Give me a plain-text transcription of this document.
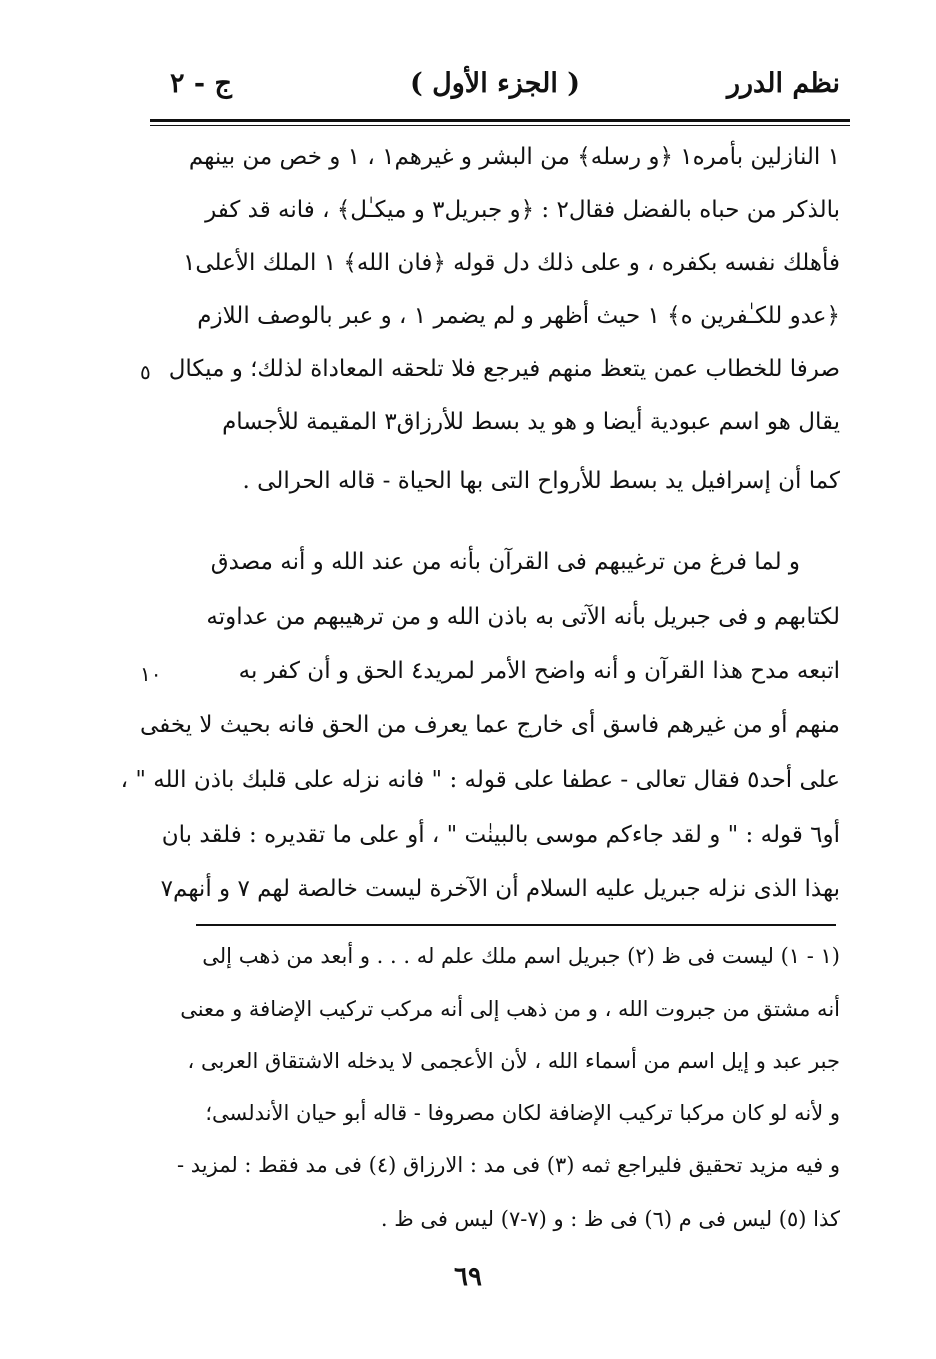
نظم الدرر
( الجزء الأول )
ج - ٢
١ النازلين بأمره١ ﴿و رسله﴾ من البشر و غيرهم١ ، ١ و خص من بينهم
بالذكر من حباه بالفضل فقال٢ : ﴿و جبريل٣ و ميكـٰل﴾ ، فانه قد كفر
فأهلك نفسه بكفره ، و على ذلك دل قوله ﴿فان الله﴾ ١ الملك الأعلى١
﴿عدو للكـٰفرين ه﴾ ١ حيث أظهر و لم يضمر ١ ، و عبر بالوصف اللازم
صرفا للخطاب عمن يتعظ منهم فيرجع فلا تلحقه المعاداة لذلك؛ و ميكال
يقال هو اسم عبودية أيضا و هو يد بسط للأرزاق٣ المقيمة للأجسام
كما أن إسرافيل يد بسط للأرواح التى بها الحياة - قاله الحرالى .
و لما فرغ من ترغيبهم فى القرآن بأنه من عند الله و أنه مصدق
لكتابهم و فى جبريل بأنه الآتى به باذن الله و من ترهيبهم من عداوته
اتبعه مدح هذا القرآن و أنه واضح الأمر لمريد٤ الحق و أن كفر به
منهم أو من غيرهم فاسق أى خارج عما يعرف من الحق فانه بحيث لا يخفى
على أحد٥ فقال تعالى - عطفا على قوله : " فانه نزله على قلبك باذن الله " ،
أو٦ قوله : " و لقد جاءكم موسى بالبينٰت " ، أو على ما تقديره : فلقد بان
بهذا الذى نزله جبريل عليه السلام أن الآخرة ليست خالصة لهم ٧ و أنهم٧
٥
١٠
(١ - ١) ليست فى ظ (٢) جبريل اسم ملك علم له . . . و أبعد من ذهب إلى
أنه مشتق من جبروت الله ، و من ذهب إلى أنه مركب تركيب الإضافة و معنى
جبر عبد و إيل اسم من أسماء الله ، لأن الأعجمى لا يدخله الاشتقاق العربى ،
و لأنه لو كان مركبا تركيب الإضافة لكان مصروفا - قاله أبو حيان الأندلسى؛
و فيه مزيد تحقيق فليراجع ثمه (٣) فى مد : الارزاق (٤) فى مد فقط : لمزيد -
كذا (٥) ليس فى م (٦) فى ظ : و (٧-٧) ليس فى ظ .
٦٩
